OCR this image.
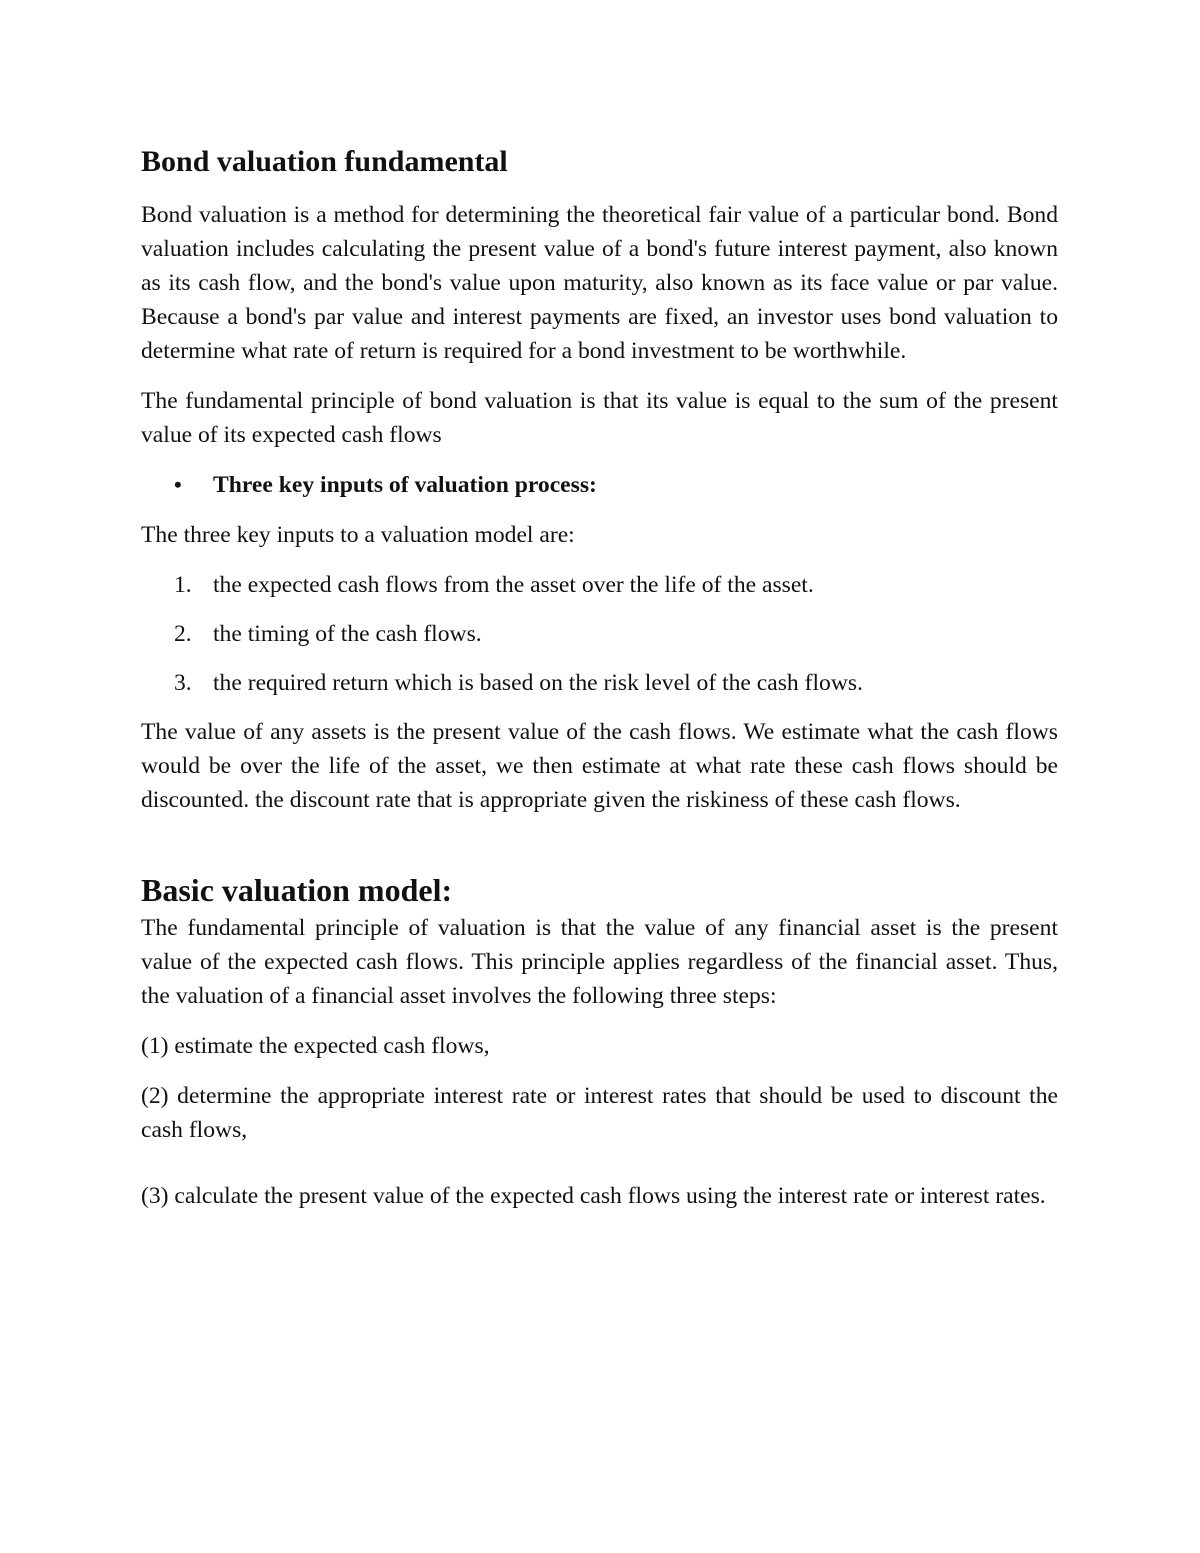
Bond valuation fundamental
Bond valuation is a method for determining the theoretical fair value of a particular bond. Bond valuation includes calculating the present value of a bond's future interest payment, also known as its cash flow, and the bond's value upon maturity, also known as its face value or par value. Because a bond's par value and interest payments are fixed, an investor uses bond valuation to determine what rate of return is required for a bond investment to be worthwhile.
The fundamental principle of bond valuation is that its value is equal to the sum of the present value of its expected cash flows
•	Three key inputs of valuation process:
The three key inputs to a valuation model are:
1. the expected cash flows from the asset over the life of the asset.
2. the timing of the cash flows.
3. the required return which is based on the risk level of the cash flows.
The value of any assets is the present value of the cash flows. We estimate what the cash flows would be over the life of the asset, we then estimate at what rate these cash flows should be discounted. the discount rate that is appropriate given the riskiness of these cash flows.
Basic valuation model:
The fundamental principle of valuation is that the value of any financial asset is the present value of the expected cash flows. This principle applies regardless of the financial asset. Thus, the valuation of a financial asset involves the following three steps:
(1) estimate the expected cash flows,
(2) determine the appropriate interest rate or interest rates that should be used to discount the cash flows,
(3) calculate the present value of the expected cash flows using the interest rate or interest rates.
